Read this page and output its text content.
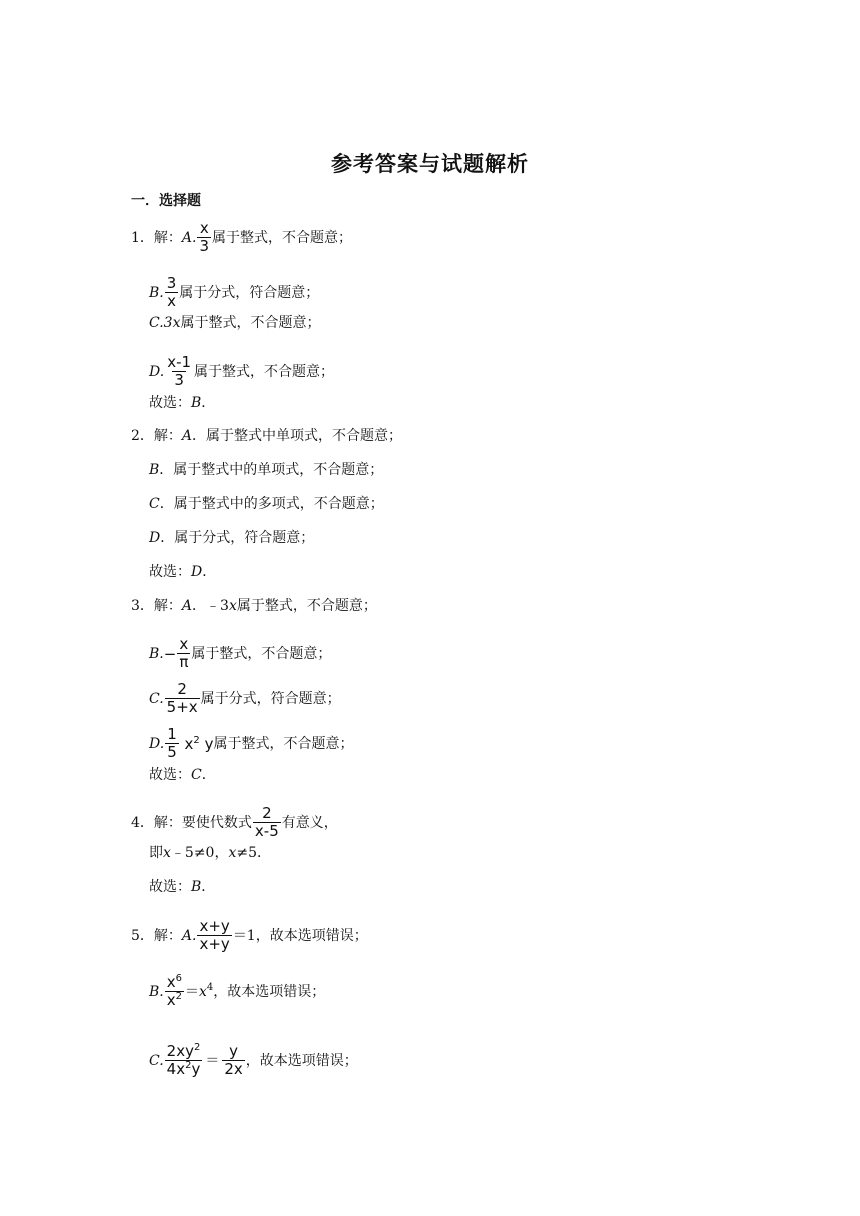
参考答案与试题解析
一．选择题
1．解： A. $\frac{x}{3}$ 属于整式，不合题意；
B. $\frac{3}{x}$ 属于分式，符合题意；
C. 3x 属于整式，不合题意；
D. $\frac{x-1}{3}$ 属于整式，不合题意；
故选： B ．
2．解： A ．属于整式中单项式，不合题意；
B ．属于整式中的单项式，不合题意；
C ．属于整式中的多项式，不合题意；
D ．属于分式，符合题意；
故选： D ．
3．解： A ．﹣3 x 属于整式，不合题意；
B. − $\frac{x}{\pi}$ 属于整式，不合题意；
C. $\frac{2}{5+x}$ 属于分式，符合题意；
D. $\frac{1}{5} x^2$ y 属于整式，不合题意；
故选： C ．
4．解： 要使代数式 $\frac{2}{x-5}$ 有意义，
即 x ﹣5≠0， x ≠5．
故选： B ．
5．解： A. $\frac{x+y}{x+y} =1$，故本选项错误；
B. $\frac{x^6}{x^2} = x^4$ ，故本选项错误；
C. $\frac{2xy^2}{4x^2y} = \frac{y}{2x}$ ，故本选项错误；
